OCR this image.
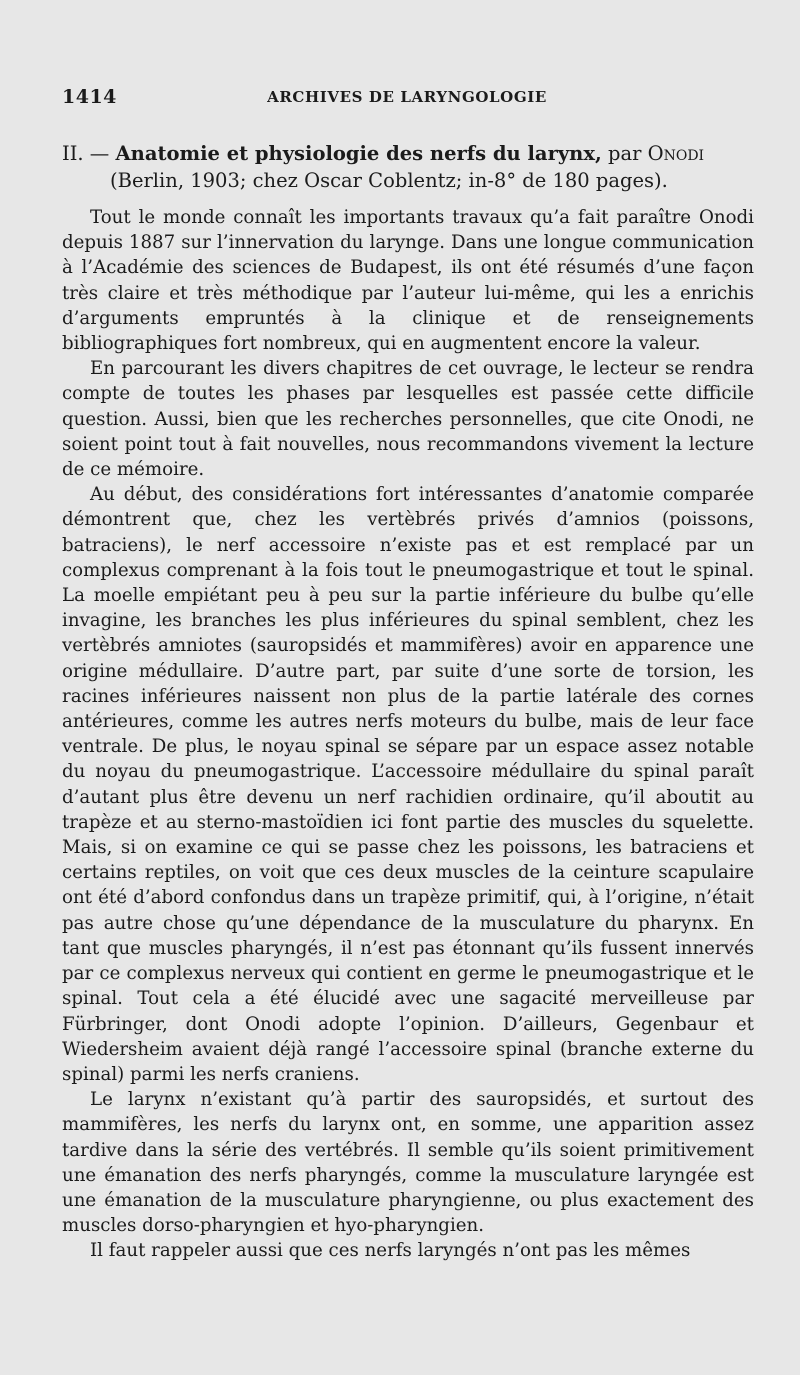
1414	ARCHIVES DE LARYNGOLOGIE
II. — Anatomie et physiologie des nerfs du larynx, par Onodi
(Berlin, 1903; chez Oscar Coblentz; in-8° de 180 pages).

Tout le monde connaît les importants travaux qu’a fait paraître Onodi depuis 1887 sur l’innervation du larynge. Dans une longue communication à l’Académie des sciences de Budapest, ils ont été résumés d’une façon très claire et très méthodique par l’auteur lui-même, qui les a enrichis d’arguments empruntés à la clinique et de renseignements bibliographiques fort nombreux, qui en augmentent encore la valeur.

En parcourant les divers chapitres de cet ouvrage, le lecteur se rendra compte de toutes les phases par lesquelles est passée cette difficile question. Aussi, bien que les recherches personnelles, que cite Onodi, ne soient point tout à fait nouvelles, nous recommandons vivement la lecture de ce mémoire.

Au début, des considérations fort intéressantes d’anatomie comparée démontrent que, chez les vertèbrés privés d’amnios (poissons, batraciens), le nerf accessoire n’existe pas et est remplacé par un complexus comprenant à la fois tout le pneumogastrique et tout le spinal. La moelle empiétant peu à peu sur la partie inférieure du bulbe qu’elle invagine, les branches les plus inférieures du spinal semblent, chez les vertèbrés amniotes (sauropsidés et mammifères) avoir en apparence une origine médullaire. D’autre part, par suite d’une sorte de torsion, les racines inférieures naissent non plus de la partie latérale des cornes antérieures, comme les autres nerfs moteurs du bulbe, mais de leur face ventrale. De plus, le noyau spinal se sépare par un espace assez notable du noyau du pneumogastrique. L’accessoire médullaire du spinal paraît d’autant plus être devenu un nerf rachidien ordinaire, qu’il aboutit au trapèze et au sterno-mastoïdien ici font partie des muscles du squelette. Mais, si on examine ce qui se passe chez les poissons, les batraciens et certains reptiles, on voit que ces deux muscles de la ceinture scapulaire ont été d’abord confondus dans un trapèze primitif, qui, à l’origine, n’était pas autre chose qu’une dépendance de la musculature du pharynx. En tant que muscles pharyngés, il n’est pas étonnant qu’ils fussent innervés par ce complexus nerveux qui contient en germe le pneumogastrique et le spinal. Tout cela a été élucidé avec une sagacité merveilleuse par Fürbringer, dont Onodi adopte l’opinion. D’ailleurs, Gegenbaur et Wiedersheim avaient déjà rangé l’accessoire spinal (branche externe du spinal) parmi les nerfs craniens.

Le larynx n’existant qu’à partir des sauropsidés, et surtout des mammifères, les nerfs du larynx ont, en somme, une apparition assez tardive dans la série des vertébrés. Il semble qu’ils soient primitivement une émanation des nerfs pharyngés, comme la musculature laryngée est une émanation de la musculature pharyngienne, ou plus exactement des muscles dorso-pharyngien et hyo-pharyngien.

Il faut rappeler aussi que ces nerfs laryngés n’ont pas les mêmes
